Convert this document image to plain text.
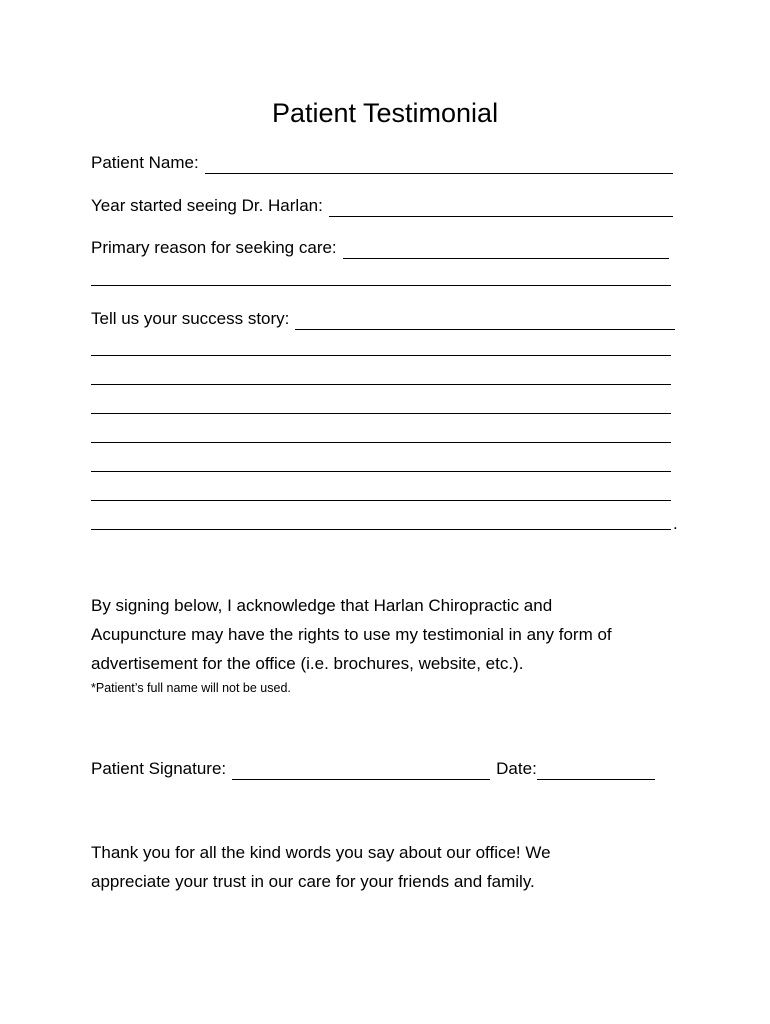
Patient Testimonial
Patient Name:
Year started seeing Dr. Harlan:
Primary reason for seeking care:
Tell us your success story:
.
By signing below, I acknowledge that Harlan Chiropractic and
Acupuncture may have the rights to use my testimonial in any form of
advertisement for the office (i.e. brochures, website, etc.).
*Patient’s full name will not be used.
Patient Signature:	Date:
Thank you for all the kind words you say about our office! We
appreciate your trust in our care for your friends and family.
